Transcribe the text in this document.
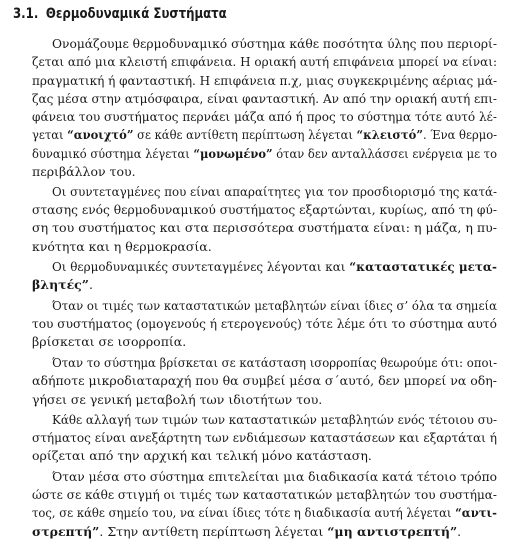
3.1. Θερμοδυναμικά Συστήματα
Ονομάζουμε θερμοδυναμικό σύστημα κάθε ποσότητα ύλης που περιορί-
ζεται από μια κλειστή επιφάνεια. Η οριακή αυτή επιφάνεια μπορεί να είναι:
πραγματική ή φανταστική. Η επιφάνεια π.χ, μιας συγκεκριμένης αέριας μά-
ζας μέσα στην ατμόσφαιρα, είναι φανταστική. Αν από την οριακή αυτή επι-
φάνεια του συστήματος περνάει μάζα από ή προς το σύστημα τότε αυτό λέ-
γεται “ανοιχτό” σε κάθε αντίθετη περίπτωση λέγεται “κλειστό”. Ένα θερμο-
δυναμικό σύστημα λέγεται “μονωμένο” όταν δεν ανταλλάσσει ενέργεια με το
περιβάλλον του.
Οι συντεταγμένες που είναι απαραίτητες για τον προσδιορισμό της κατά-
στασης ενός θερμοδυναμικού συστήματος εξαρτώνται, κυρίως, από τη φύ-
ση του συστήματος και στα περισσότερα συστήματα είναι: η μάζα, η πυ-
κνότητα και η θερμοκρασία.
Οι θερμοδυναμικές συντεταγμένες λέγονται και “καταστατικές μετα-
βλητές”.
Όταν οι τιμές των καταστατικών μεταβλητών είναι ίδιες σ’ όλα τα σημεία
του συστήματος (ομογενούς ή ετερογενούς) τότε λέμε ότι το σύστημα αυτό
βρίσκεται σε ισορροπία.
Όταν το σύστημα βρίσκεται σε κατάσταση ισορροπίας θεωρούμε ότι: οποι-
αδήποτε μικροδιαταραχή που θα συμβεί μέσα σ΄αυτό, δεν μπορεί να οδη-
γήσει σε γενική μεταβολή των ιδιοτήτων του.
Κάθε αλλαγή των τιμών των καταστατικών μεταβλητών ενός τέτοιου συ-
στήματος είναι ανεξάρτητη των ενδιάμεσων καταστάσεων και εξαρτάται ή
ορίζεται από την αρχική και τελική μόνο κατάσταση.
Όταν μέσα στο σύστημα επιτελείται μια διαδικασία κατά τέτοιο τρόπο
ώστε σε κάθε στιγμή οι τιμές των καταστατικών μεταβλητών του συστήμα-
τος, σε κάθε σημείο του, να είναι ίδιες τότε η διαδικασία αυτή λέγεται “αντι-
στρεπτή”. Στην αντίθετη περίπτωση λέγεται “μη αντιστρεπτή”.
